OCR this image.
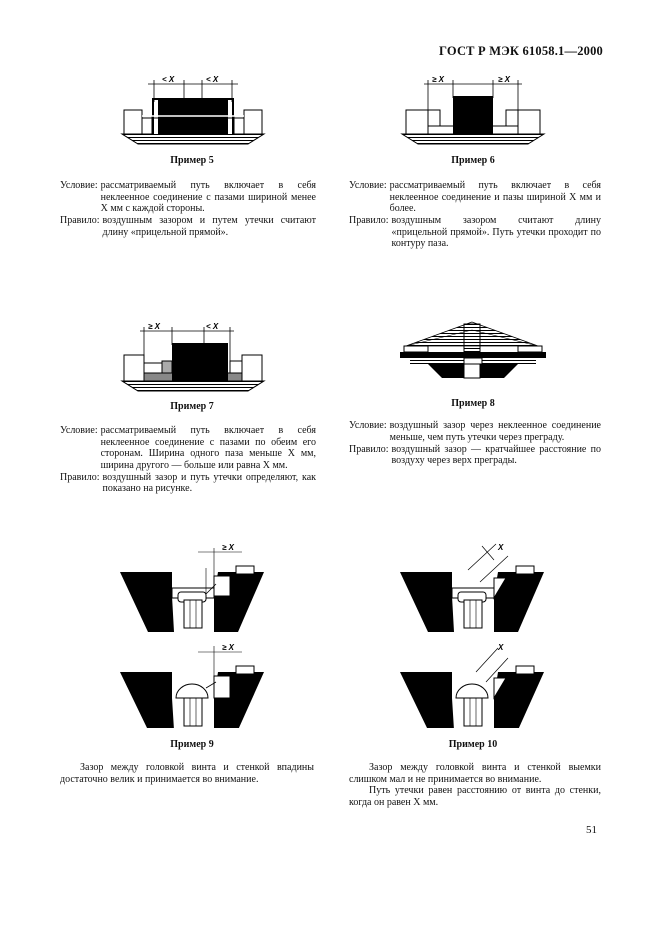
ГОСТ Р МЭК 61058.1—2000
< X	< X
Пример 5
≥ X	≥ X
Пример 6
Условие: рассматриваемый путь включает в себя неклеенное соединение с пазами шириной менее X мм с каждой стороны.
Правило: воздушным зазором и путем утечки считают длину «прицельной прямой».
Условие: рассматриваемый путь включает в себя неклеенное соединение и пазы шириной X мм и более.
Правило: воздушным зазором считают длину «прицельной прямой». Путь утечки проходит по контуру паза.
≥ X	< X
Пример 7	Пример 8
Условие: рассматриваемый путь включает в себя неклеенное соединение с пазами по обеим его сторонам. Ширина одного паза меньше X мм, ширина другого — больше или равна X мм.
Правило: воздушный зазор и путь утечки определяют, как показано на рисунке.
Условие: воздушный зазор через неклеенное соединение меньше, чем путь утечки через преграду.
Правило: воздушный зазор — кратчайшее расстояние по воздуху через верх преграды.
≥ X
≥ X
Пример 9
X
X
Пример 10
Зазор между головкой винта и стенкой впадины достаточно велик и принимается во внимание.
Зазор между головкой винта и стенкой выемки слишком мал и не принимается во внимание.
Путь утечки равен расстоянию от винта до стенки, когда он равен X мм.
51
